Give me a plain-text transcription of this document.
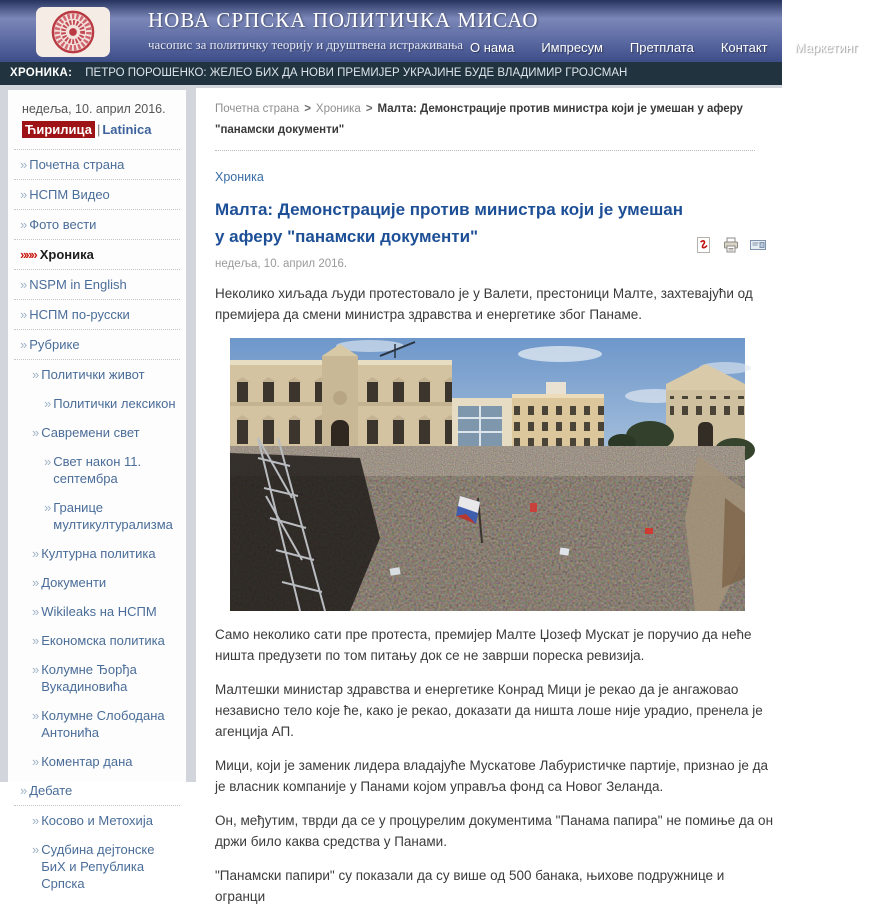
НОВА СРПСКА ПОЛИТИЧКА МИСАО
часопис за политичку теорију и друштвена истраживања О нама Импресум Претплата Контакт Маркетинг
ХРОНИКА: ПЕТРО ПОРОШЕНКО: ЖЕЛЕО БИХ ДА НОВИ ПРЕМИЈЕР УКРАЈИНЕ БУДЕ ВЛАДИМИР ГРОЈСМАН
недеља, 10. април 2016.
Ћирилица | Latinica
»
Почетна страна
»
НСПМ Видео
»
Фото вести
»»»
Хроника
»
NSPM in English
»
НСПМ по-русски
»
Рубрике
»
Политички живот
»
Политички лексикон
»
Савремени свет
»
Свет након 11. септембра
»
Границе мултикултурализма
»
Културна политика
»
Документи
»
Wikileaks на НСПМ
»
Економска политика
»
Колумне Ђорђа Вукадиновића
»
Колумне Слободана Антонића
»
Коментар дана
»
Дебате
»
Косово и Метохија
»
Судбина дејтонске БиХ и Република Српска
Почетна страна > Хроника > Малта: Демонстрације против министра који је умешан у аферу "панамски документи"
Хроника
Малта: Демонстрације против министра који је умешан у аферу "панамски документи"
недеља, 10. април 2016.

Неколико хиљада људи протестовало је у Валети, престоници Малте, захтевајући од премијера да смени министра здравства и енергетике због Панаме.

Само неколико сати пре протеста, премијер Малте Џозеф Мускат је поручио да неће ништа предузети по том питању док се не заврши пореска ревизија.

Малтешки министар здравства и енергетике Конрад Мици је рекао да је ангажовао независно тело које ће, како је рекао, доказати да ништа лоше није урадио, пренела је агенција АП.

Мици, који је заменик лидера владајуће Мускатове Лабуристичке партије, признао је да је власник компаније у Панами којом управља фонд са Новог Зеланда.

Он, међутим, тврди да се у процурелим документима "Панама папира" не помиње да он држи било каква средства у Панами.

"Панамски папири" су показали да су више од 500 банака, њихове подружнице и огранци
